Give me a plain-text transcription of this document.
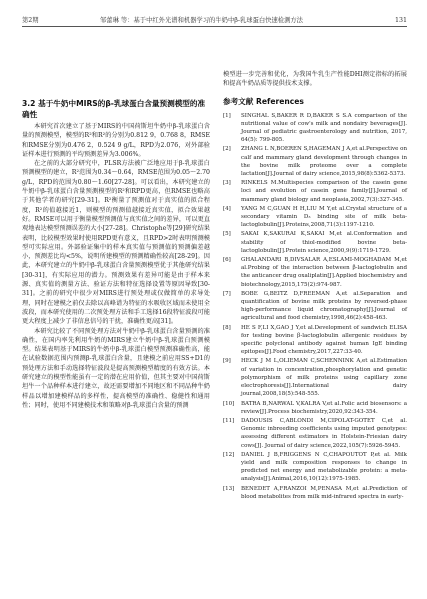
第2期	邹蕾琳 等：基于中红外光谱和机器学习的牛奶中β-乳球蛋白快速检测方法	131
3.2 基于牛奶中MIRS的β-乳球蛋白含量预测模型的准确性

本研究首次建立了基于MIRS的中国荷斯坦牛奶中β-乳球蛋白含量的预测模型，模型的R²和R²的分别为0.812 9，0.768 8，RMSE和RMSE分别为0.476 2，0.524 9 g/L，RPD为2.076，对外部验证样本进行预测的平均预测差异为3.006%。

在之前的大部分研究中，PLSR方法被广泛地应用于β-乳球蛋白预测模型的建立，R²范围为0.34～0.64，RMSE范围为0.05～2.70 g/L，RPD的范围为0.80～1.60[27-28]。可以看出，本研究建立的牛奶中β-乳球蛋白含量预测模型的R²和RPD更高，但RMSE也略高于其他学者的研究[29-31]。R²衡量了预测值对于真实值的拟合程度，R²的值越接近1，则模型的预测值越接近真实值，拟合效果越好。RMSE可以用于衡量模型预测值与真实值之间的差异，可以更直观地表达模型预测误差的大小[27-28]。Christophe等[29]研究结果表明，比较模型效果时使用RPD更有意义，且RPD>2时表明预测模型可实际应用。外部验证集中的样本真实值与预测值的预测偏差越小，预测差比均<5%，说明所建模型的预测精确性较高[28-29]。因此，本研究建立的牛奶中β-乳球蛋白含量预测模型优于其他研究结果[30-31]，有实际应用的潜力。预测效果有差异可能是由于样本来源、真实值的测量方法、验证方法和特征选择设置等原因导致[30-31]。之前的研究中很少对MIRS进行预处理或仅做简单的求导处理，同时在建模之前仅去除以高峰谱为特征的水吸收区域而未使用全波段，而本研究使用的二次预处理方法和手工选择16段特征波段可能更大程度上减少了非信息信号的干扰，准确性更高[31]。

本研究比较了不同预处理方法对牛奶中β-乳球蛋白含量预测的准确性，在国内率先利用牛奶的MIRS建立牛奶中β-乳球蛋白预测模型。结果表明基于MIRS的牛奶中β-乳球蛋白模型预测准确性高，能在试验数据范围内预测β-乳球蛋白含量，且建模之前应用SS+D1的预处理方法和手动选择特征波段是提高预测模型精度的有效方法。本研究建立的模型性能虽有一定的潜在应用价值，但其主要对中国荷斯坦牛一个品种样本进行建立，故还需要增加不同地区和不同品种牛奶样品以增加建模样品的多样性，提高模型的准确性、稳健性和通用性；同时，使用不同建模技术和策略对β-乳球蛋白含量的预测

模型进一步完善和优化，为我国牛乳生产性能DHI测定指标的拓展和提高牛奶品质等提供技术支撑。

参考文献 References
[1]	SINGHAL S,BAKER R D,BAKER S S.A comparison of the nutritional value of cow's milk and nondairy beverages[J]. Journal of pediatric gastroenterology and nutrition, 2017, 64(5): 799-805.
[2]	ZHANG L N,BOEREN S,HAGEMAN J A,et al.Perspective on calf and mammary gland development through changes in the bovine milk proteome over a complete lactation[J].Journal of dairy science,2015,98(8):5362-5373.
[3]	RINKELS M.Multispecies comparison of the casein gene loci and evolution of casein gene family[J].Journal of mammary gland biology and neoplasia,2002,7(3):327-345.
[4]	YANG M C,GUAN H H,LIU M Y,et al.Crystal structure of a secondary vitamin D₃ binding site of milk beta-lactoglobulin[J].Proteins,2008,71(3):1197-1210.
[5]	SAKAI K,SAKURAI K,SAKAI M,et al.Conformation and stability of thiol-modified bovine beta-lactoglobulin[J].Protein science,2000,9(9):1719-1729.
[6]	GHALANDARI B,DIVSALAR A,ESLAMI-MOGHADAM M,et al.Probing of the interaction between β-lactoglobulin and the anticancer drug oxaliplatin[J].Applied biochemistry and biotechnology,2015,175(2):974-987.
[7]	BOBE G,BEITZ D,FREEMAN A,et al.Separation and quantification of bovine milk proteins by reversed-phase high-performance liquid chromatography[J].Journal of agricultural and food chemistry,1998,46(2):458-463.
[8]	HE S F,LI X,GAO J Y,et al.Development of sandwich ELISA for testing bovine β-lactoglobulin allergenic residues by specific polyclonal antibody against human IgE binding epitopes[J].Food chemistry,2017,227:33-40.
[9]	HECK J M L,OLIEMAN C,SCHENNINK A,et al.Estimation of variation in concentration,phosphorylation and genetic polymorphism of milk proteins using capillary zone electrophoresis[J].International dairy journal,2008,18(5):548-555.
[10]	BATRA B,NARWAL V,KALRA V,et al.Folic acid biosensors: a review[J].Process biochemistry,2020,92:343-354.
[11]	DADOUSIS C,ABLONDI M,CIPOLAT-GOTET C,et al. Genomic inbreeding coefficients using imputed genotypes: assessing different estimators in Holstein-Friesian dairy cows[J]. Journal of dairy science,2022,105(7):5926-5945.
[12]	DANIEL J B,FRIGGENS N C,CHAPOUTOT P,et al. Milk yield and milk composition responses to change in predicted net energy and metabolizable protein: a meta-analysis[J].Animal,2016,10(12):1975-1985.
[13]	BENEDET A,FRANZOI M,PENASA M,et al.Prediction of blood metabolites from milk mid-infrared spectra in early-
